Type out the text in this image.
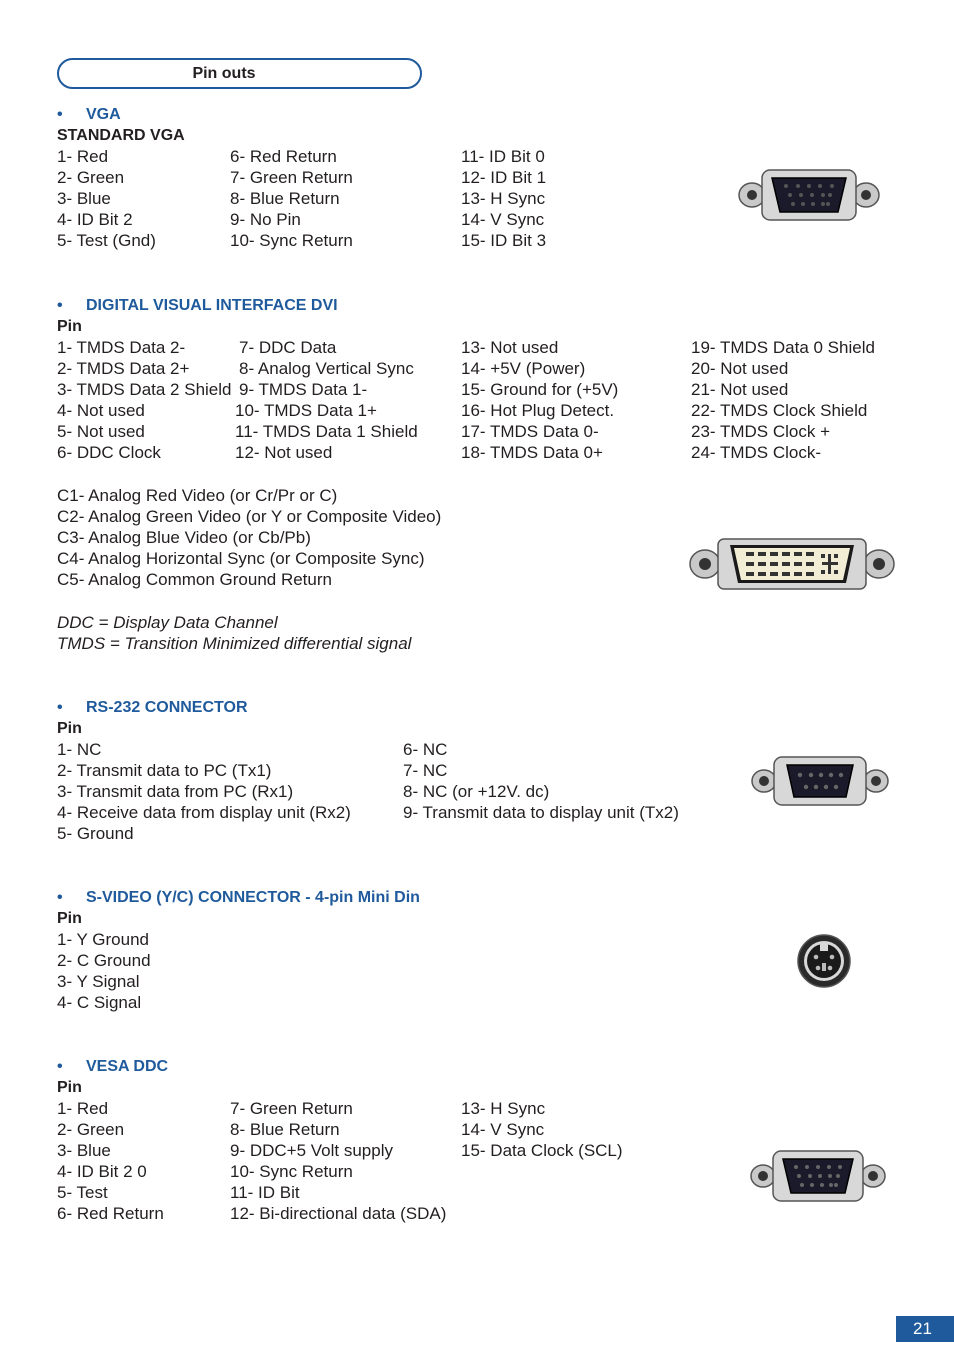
Pin outs
• VGA
STANDARD VGA
1- Red
2- Green
3- Blue
4- ID Bit 2
5- Test (Gnd)
6- Red Return
7- Green Return
8- Blue Return
9- No Pin
10- Sync Return
11- ID Bit 0
12- ID Bit 1
13- H Sync
14- V Sync
15- ID Bit 3
• DIGITAL VISUAL INTERFACE DVI
Pin
1- TMDS Data 2-
2- TMDS Data 2+
3- TMDS Data 2 Shield
4- Not used
5- Not used
6- DDC Clock
7- DDC Data
8- Analog Vertical Sync
9- TMDS Data 1-
10- TMDS Data 1+
11- TMDS Data 1 Shield
12- Not used
13- Not used
14- +5V (Power)
15- Ground for (+5V)
16- Hot Plug Detect.
17- TMDS Data 0-
18- TMDS Data 0+
19- TMDS Data 0 Shield
20- Not used
21- Not used
22- TMDS Clock Shield
23- TMDS Clock +
24- TMDS Clock-
C1- Analog Red Video (or Cr/Pr or C)
C2- Analog Green Video (or Y or Composite Video)
C3- Analog Blue Video (or Cb/Pb)
C4- Analog Horizontal Sync (or Composite Sync)
C5- Analog Common Ground Return
DDC = Display Data Channel
TMDS = Transition Minimized differential signal
• RS-232 CONNECTOR
Pin
1- NC
2- Transmit data to PC (Tx1)
3- Transmit data from PC (Rx1)
4- Receive data from display unit (Rx2)
5- Ground
6- NC
7- NC
8- NC (or +12V. dc)
9- Transmit data to display unit (Tx2)
• S-VIDEO (Y/C) CONNECTOR - 4-pin Mini Din
Pin
1- Y Ground
2- C Ground
3- Y Signal
4- C Signal
• VESA DDC
Pin
1- Red
2- Green
3- Blue
4- ID Bit 2 0
5- Test
6- Red Return
7- Green Return
8- Blue Return
9- DDC+5 Volt supply
10- Sync Return
11- ID Bit
12- Bi-directional data (SDA)
13- H Sync
14- V Sync
15- Data Clock (SCL)
21
